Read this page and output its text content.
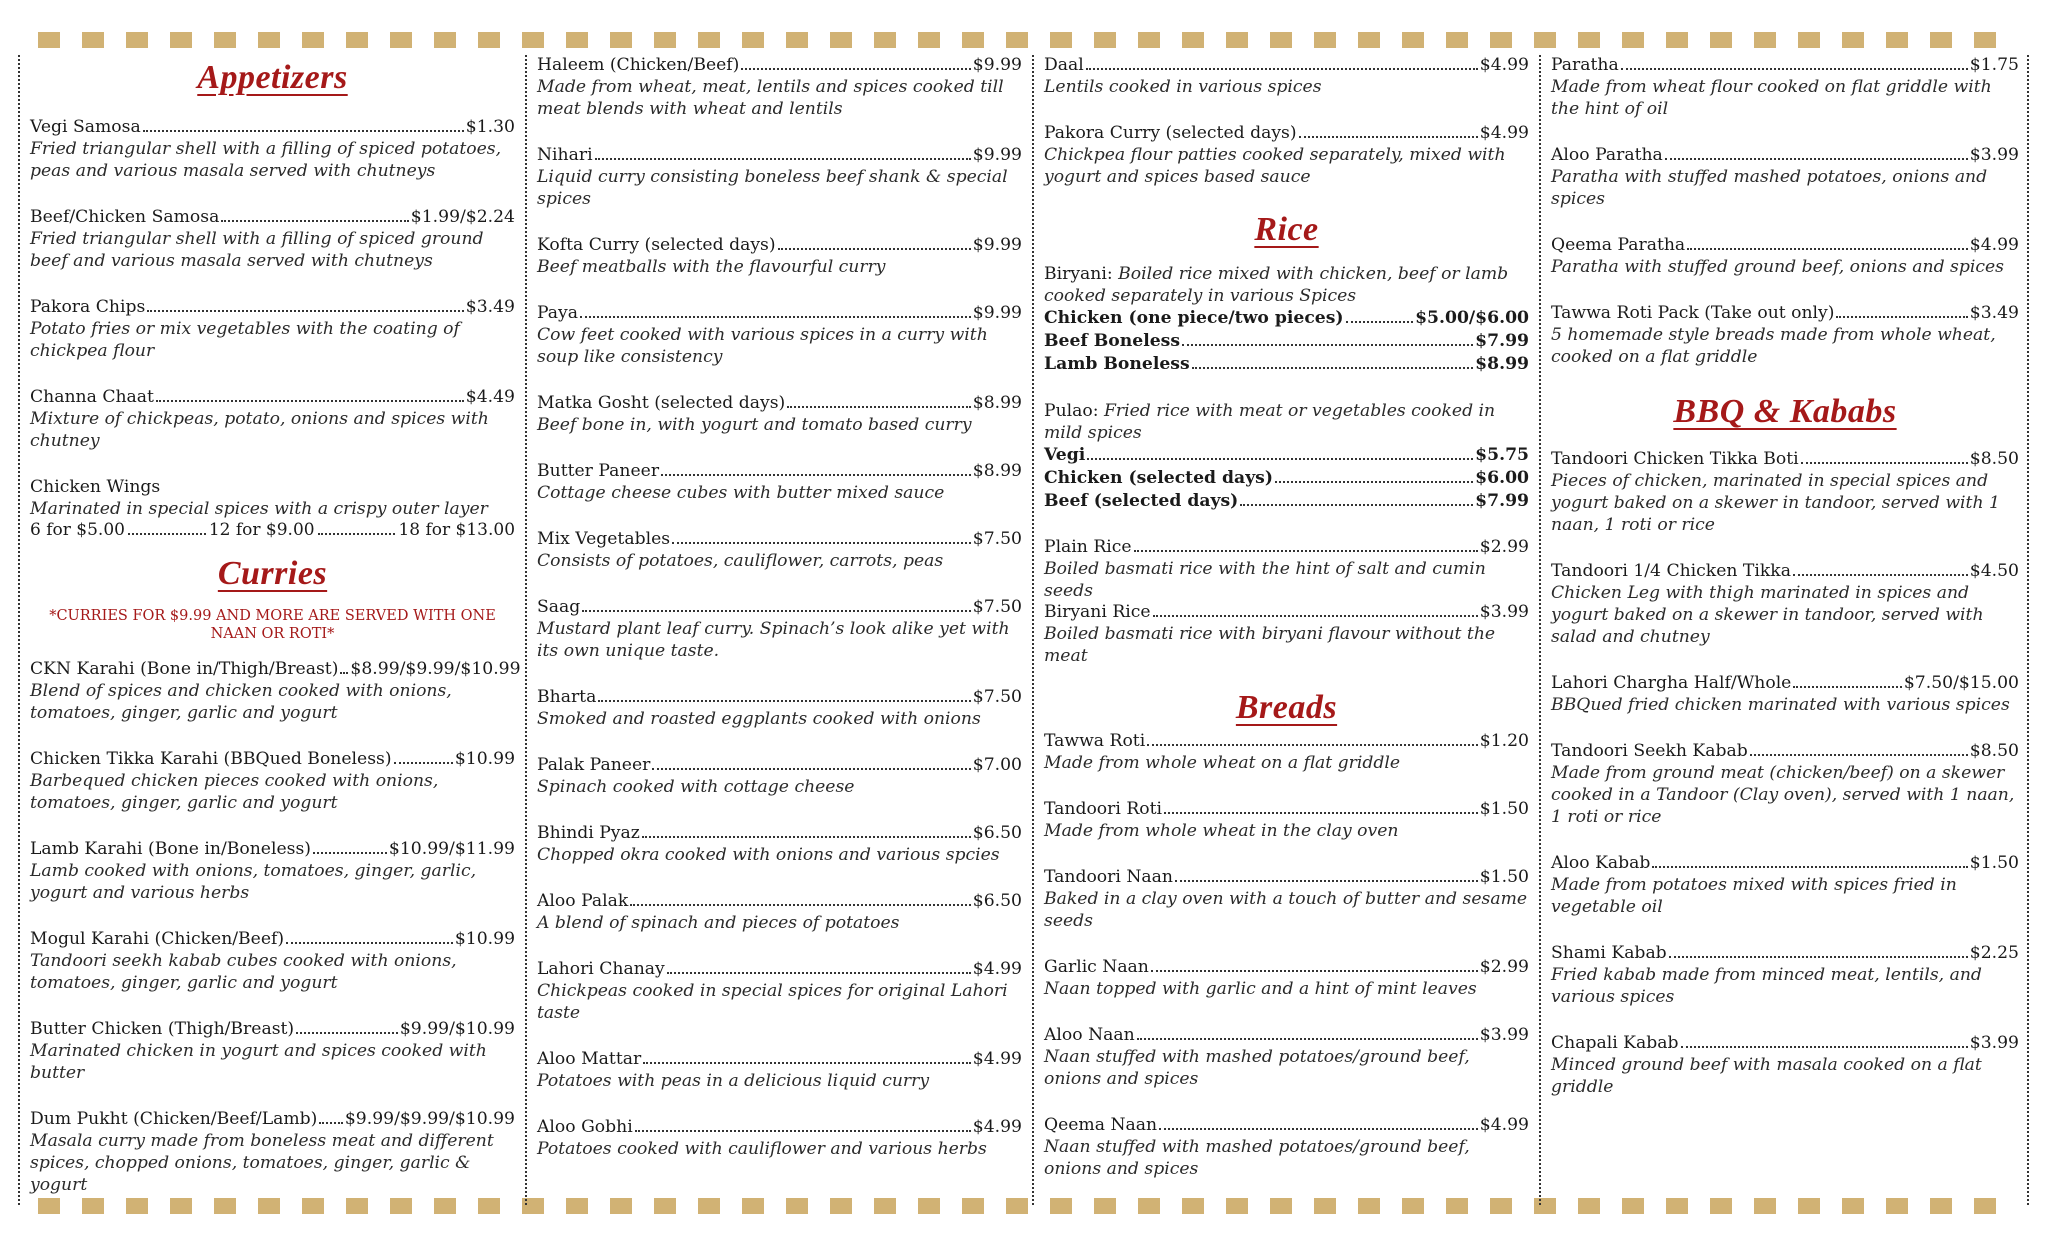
Appetizers
Vegi Samosa	$1.30
Fried triangular shell with a filling of spiced potatoes, peas and various masala served with chutneys
Beef/Chicken Samosa	$1.99/$2.24
Fried triangular shell with a filling of spiced ground beef and various masala served with chutneys
Pakora Chips	$3.49
Potato fries or mix vegetables with the coating of chickpea flour
Channa Chaat	$4.49
Mixture of chickpeas, potato, onions and spices with chutney
Chicken Wings
Marinated in special spices with a crispy outer layer
6 for $5.00	12 for $9.00	18 for $13.00
Curries
*CURRIES FOR $9.99 AND MORE ARE SERVED WITH ONE NAAN OR ROTI*
CKN Karahi (Bone in/Thigh/Breast) $8.99/$9.99/$10.99
Blend of spices and chicken cooked with onions, tomatoes, ginger, garlic and yogurt
Chicken Tikka Karahi (BBQued Boneless)	$10.99
Barbequed chicken pieces cooked with onions, tomatoes, ginger, garlic and yogurt
Lamb Karahi (Bone in/Boneless)	$10.99/$11.99
Lamb cooked with onions, tomatoes, ginger, garlic, yogurt and various herbs
Mogul Karahi (Chicken/Beef)	$10.99
Tandoori seekh kabab cubes cooked with onions, tomatoes, ginger, garlic and yogurt
Butter Chicken (Thigh/Breast)	$9.99/$10.99
Marinated chicken in yogurt and spices cooked with butter
Dum Pukht (Chicken/Beef/Lamb) $9.99/$9.99/$10.99
Masala curry made from boneless meat and different spices, chopped onions, tomatoes, ginger, garlic & yogurt
Haleem (Chicken/Beef)	$9.99
Made from wheat, meat, lentils and spices cooked till meat blends with wheat and lentils
Nihari	$9.99
Liquid curry consisting boneless beef shank & special spices
Kofta Curry (selected days)	$9.99
Beef meatballs with the flavourful curry
Paya	$9.99
Cow feet cooked with various spices in a curry with soup like consistency
Matka Gosht (selected days)	$8.99
Beef bone in, with yogurt and tomato based curry
Butter Paneer	$8.99
Cottage cheese cubes with butter mixed sauce
Mix Vegetables	$7.50
Consists of potatoes, cauliflower, carrots, peas
Saag	$7.50
Mustard plant leaf curry. Spinach’s look alike yet with its own unique taste.
Bharta	$7.50
Smoked and roasted eggplants cooked with onions
Palak Paneer	$7.00
Spinach cooked with cottage cheese
Bhindi Pyaz	$6.50
Chopped okra cooked with onions and various spcies
Aloo Palak	$6.50
A blend of spinach and pieces of potatoes
Lahori Chanay	$4.99
Chickpeas cooked in special spices for original Lahori taste
Aloo Mattar	$4.99
Potatoes with peas in a delicious liquid curry
Aloo Gobhi	$4.99
Potatoes cooked with cauliflower and various herbs
Daal	$4.99
Lentils cooked in various spices
Pakora Curry (selected days)	$4.99
Chickpea flour patties cooked separately, mixed with yogurt and spices based sauce
Rice
Biryani: Boiled rice mixed with chicken, beef or lamb cooked separately in various Spices
Chicken (one piece/two pieces)	$5.00/$6.00
Beef Boneless	$7.99
Lamb Boneless	$8.99
Pulao: Fried rice with meat or vegetables cooked in mild spices
Vegi	$5.75
Chicken (selected days)	$6.00
Beef (selected days)	$7.99
Plain Rice	$2.99
Boiled basmati rice with the hint of salt and cumin seeds
Biryani Rice	$3.99
Boiled basmati rice with biryani flavour without the meat
Breads
Tawwa Roti	$1.20
Made from whole wheat on a flat griddle
Tandoori Roti	$1.50
Made from whole wheat in the clay oven
Tandoori Naan	$1.50
Baked in a clay oven with a touch of butter and sesame seeds
Garlic Naan	$2.99
Naan topped with garlic and a hint of mint leaves
Aloo Naan	$3.99
Naan stuffed with mashed potatoes/ground beef, onions and spices
Qeema Naan	$4.99
Naan stuffed with mashed potatoes/ground beef, onions and spices
Paratha	$1.75
Made from wheat flour cooked on flat griddle with the hint of oil
Aloo Paratha	$3.99
Paratha with stuffed mashed potatoes, onions and spices
Qeema Paratha	$4.99
Paratha with stuffed ground beef, onions and spices
Tawwa Roti Pack (Take out only)	$3.49
5 homemade style breads made from whole wheat, cooked on a flat griddle
BBQ & Kababs
Tandoori Chicken Tikka Boti	$8.50
Pieces of chicken, marinated in special spices and yogurt baked on a skewer in tandoor, served with 1 naan, 1 roti or rice
Tandoori 1/4 Chicken Tikka	$4.50
Chicken Leg with thigh marinated in spices and yogurt baked on a skewer in tandoor, served with salad and chutney
Lahori Chargha Half/Whole	$7.50/$15.00
BBQued fried chicken marinated with various spices
Tandoori Seekh Kabab	$8.50
Made from ground meat (chicken/beef) on a skewer cooked in a Tandoor (Clay oven), served with 1 naan, 1 roti or rice
Aloo Kabab	$1.50
Made from potatoes mixed with spices fried in vegetable oil
Shami Kabab	$2.25
Fried kabab made from minced meat, lentils, and various spices
Chapali Kabab	$3.99
Minced ground beef with masala cooked on a flat griddle
